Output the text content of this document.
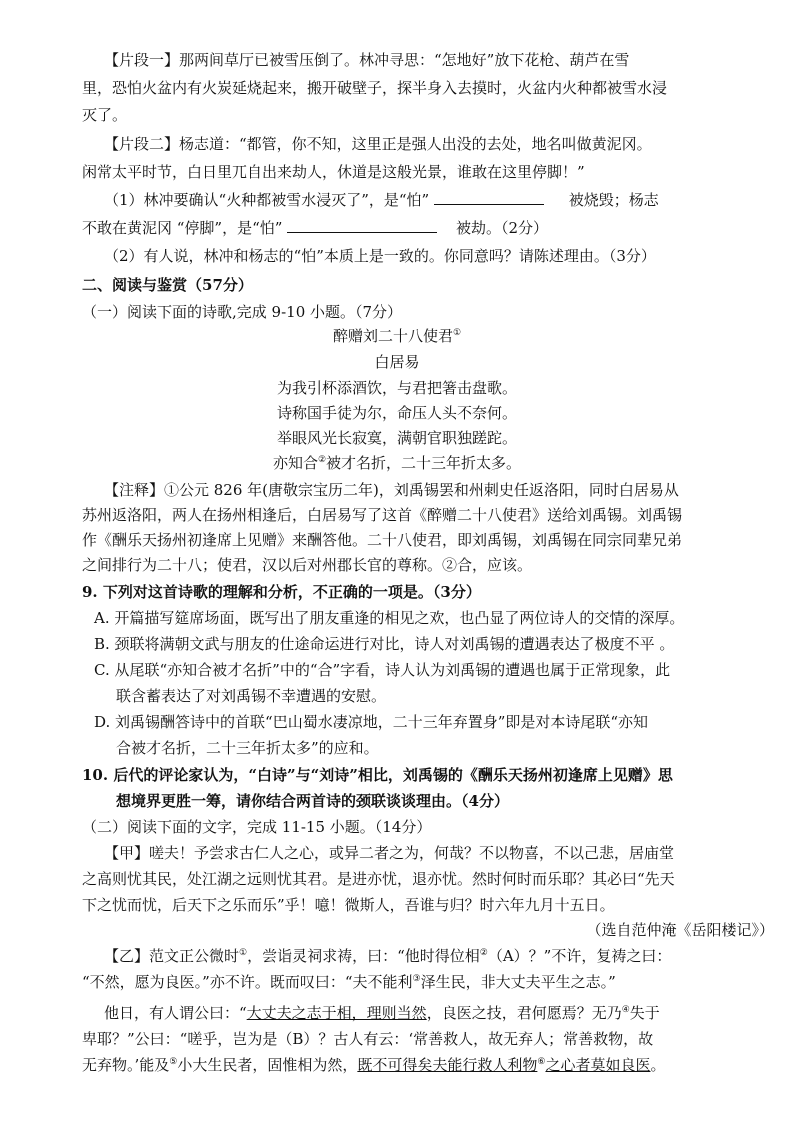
【片段一】那两间草厅已被雪压倒了。林冲寻思：“怎地好”放下花枪、葫芦在雪
里，恐怕火盆内有火炭延烧起来，搬开破壁子，探半身入去摸时，火盆内火种都被雪水浸
灭了。
【片段二】杨志道：“都管，你不知，这里正是强人出没的去处，地名叫做黄泥冈。
闲常太平时节，白日里兀自出来劫人，休道是这般光景，谁敢在这里停脚！”
（1）林冲要确认“火种都被雪水浸灭了”，是“怕”	被烧毁；杨志
不敢在黄泥冈 “停脚”，是“怕”	被劫。（2分）
（2）有人说，林冲和杨志的“怕”本质上是一致的。你同意吗？请陈述理由。（3分）
二、阅读与鉴赏（57分）
（一）阅读下面的诗歌,完成 9-10 小题。（7分）
醉赠刘二十八使君①
白居易
为我引杯添酒饮，与君把箸击盘歌。
诗称国手徒为尔，命压人头不奈何。
举眼风光长寂寞，满朝官职独蹉跎。
亦知合②被才名折，二十三年折太多。
【注释】①公元 826 年(唐敬宗宝历二年)，刘禹锡罢和州刺史任返洛阳，同时白居易从
苏州返洛阳，两人在扬州相逢后，白居易写了这首《醉赠二十八使君》送给刘禹锡。刘禹锡
作《酬乐天扬州初逢席上见赠》来酬答他。二十八使君，即刘禹锡，刘禹锡在同宗同辈兄弟
之间排行为二十八；使君，汉以后对州郡长官的尊称。②合，应该。
9. 下列对这首诗歌的理解和分析，不正确的一项是。（3分）
A. 开篇描写筵席场面，既写出了朋友重逢的相见之欢，也凸显了两位诗人的交情的深厚。
B. 颈联将满朝文武与朋友的仕途命运进行对比，诗人对刘禹锡的遭遇表达了极度不平 。
C. 从尾联“亦知合被才名折”中的“合”字看，诗人认为刘禹锡的遭遇也属于正常现象，此
联含蓄表达了对刘禹锡不幸遭遇的安慰。
D. 刘禹锡酬答诗中的首联“巴山蜀水凄凉地，二十三年弃置身”即是对本诗尾联“亦知
合被才名折，二十三年折太多”的应和。
10. 后代的评论家认为，“白诗”与“刘诗”相比，刘禹锡的《酬乐天扬州初逢席上见赠》思
想境界更胜一筹，请你结合两首诗的颈联谈谈理由。（4分）
（二）阅读下面的文字，完成 11-15 小题。（14分）
【甲】嗟夫！予尝求古仁人之心，或异二者之为，何哉？不以物喜，不以己悲，居庙堂
之高则忧其民，处江湖之远则忧其君。是进亦忧，退亦忧。然时何时而乐耶？其必曰“先天
下之忧而忧，后天下之乐而乐”乎！噫！微斯人，吾谁与归？时六年九月十五日。
（选自范仲淹《岳阳楼记》）
【乙】范文正公微时①，尝诣灵祠求祷，曰：“他时得位相②（A）？”不许，复祷之曰：
“不然，愿为良医。”亦不许。既而叹曰：“夫不能利③泽生民，非大丈夫平生之志。”
他日，有人谓公曰：“大丈夫之志于相，理则当然，良医之技，君何愿焉？无乃④失于
卑耶？”公曰：“嗟乎，岂为是（B）？古人有云：‘常善救人，故无弃人；常善救物，故
无弃物。’能及⑤小大生民者，固惟相为然，既不可得矣夫能行救人利物⑥之心者莫如良医。
